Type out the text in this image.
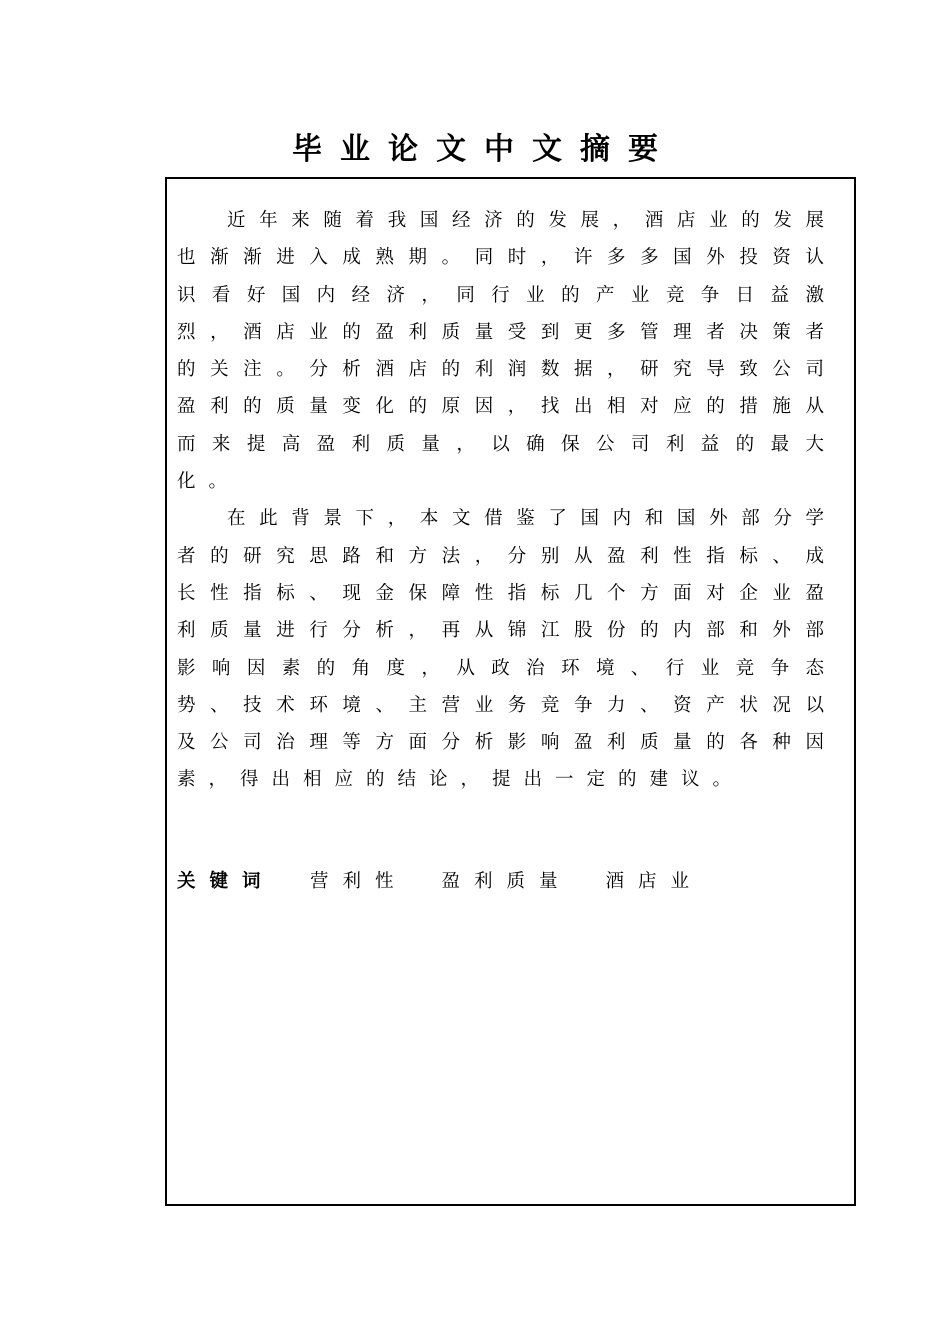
毕业论文中文摘要

近年来随着我国经济的发展，酒店业的发展也渐渐进入成熟期。同时，许多多国外投资认识看好国内经济，同行业的产业竞争日益激烈，酒店业的盈利质量受到更多管理者决策者的关注。分析酒店的利润数据，研究导致公司盈利的质量变化的原因，找出相对应的措施从而来提高盈利质量，以确保公司利益的最大化。

在此背景下，本文借鉴了国内和国外部分学者的研究思路和方法，分别从盈利性指标、成长性指标、现金保障性指标几个方面对企业盈利质量进行分析，再从锦江股份的内部和外部影响因素的角度，从政治环境、行业竞争态势、技术环境、主营业务竞争力、资产状况以及公司治理等方面分析影响盈利质量的各种因素，得出相应的结论，提出一定的建议。

关键词 营利性 盈利质量 酒店业
